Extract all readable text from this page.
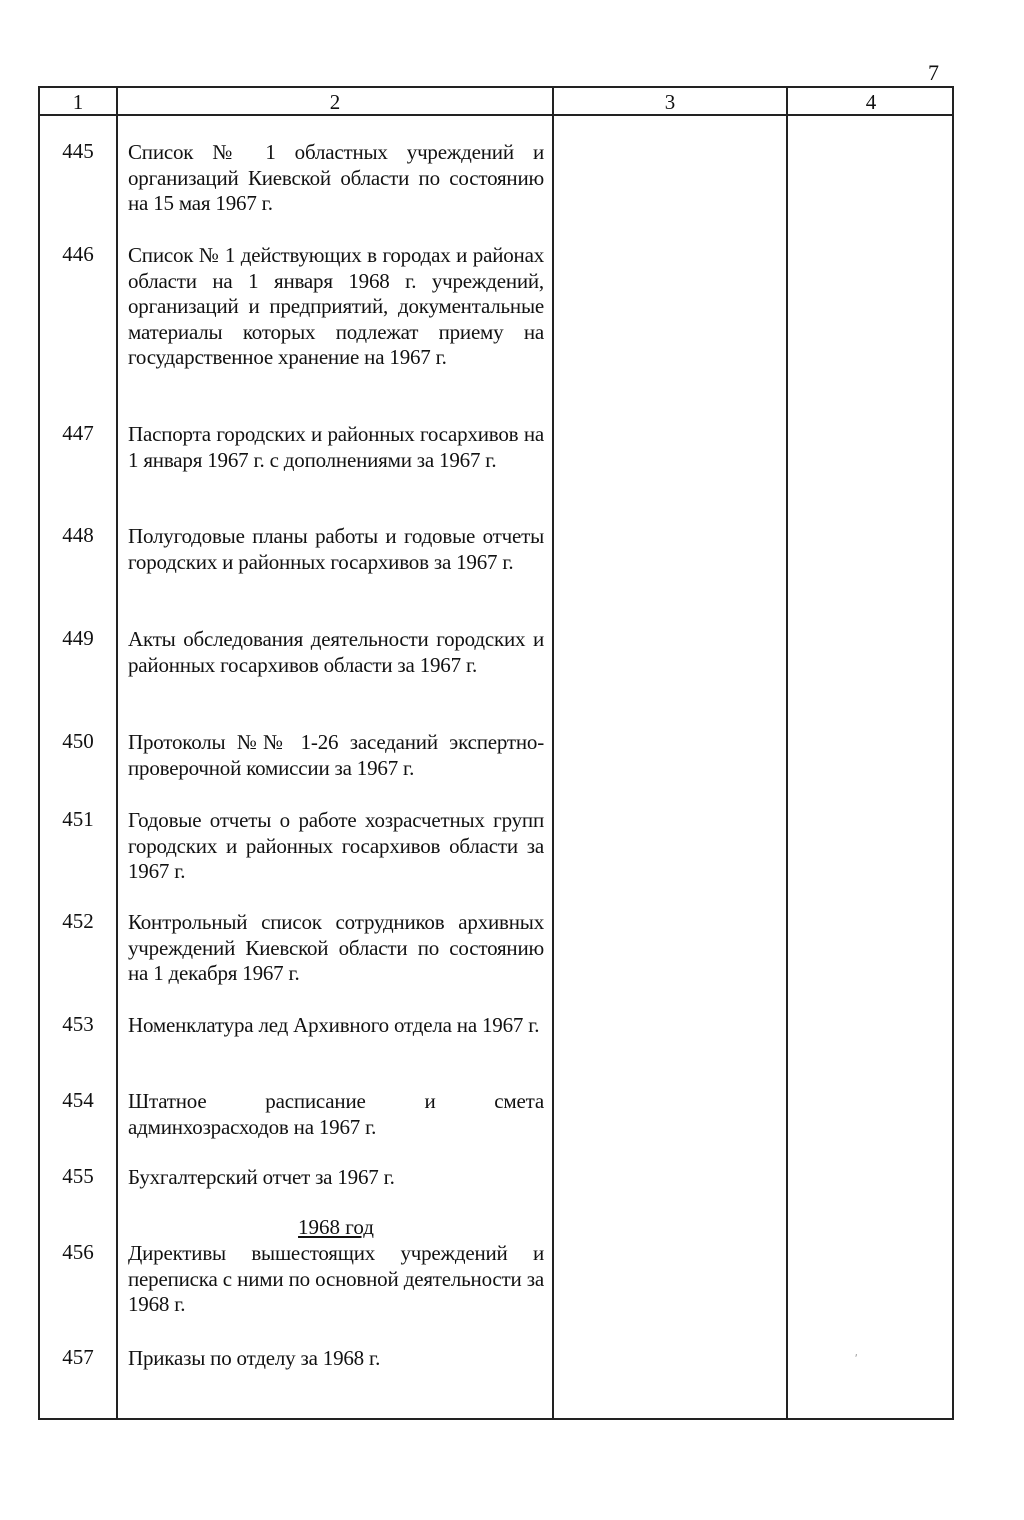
7
1	2	3	4
445	Список № 1 областных учреждений и организаций Киевской области по состоянию на 15 мая 1967 г.
446	Список № 1 действующих в городах и районах области на 1 января 1968 г. учреждений, организаций и предприятий, документальные материалы которых подлежат приему на государственное хранение на 1967 г.
447	Паспорта городских и районных госархивов на 1 января 1967 г. с дополнениями за 1967 г.
448	Полугодовые планы работы и годовые отчеты городских и районных госархивов за 1967 г.
449	Акты обследования деятельности городских и районных госархивов области за 1967 г.
450	Протоколы №№ 1-26 заседаний экспертно-проверочной комиссии за 1967 г.
451	Годовые отчеты о работе хозрасчетных групп городских и районных госархивов области за 1967 г.
452	Контрольный список сотрудников архивных учреждений Киевской области по состоянию на 1 декабря 1967 г.
453	Номенклатура лед Архивного отдела на 1967 г.
454	Штатное расписание и смета админхозрасходов на 1967 г.
455	Бухгалтерский отчет за 1967 г.
1968 год
456	Директивы вышестоящих учреждений и переписка с ними по основной деятельности за 1968 г.
457	Приказы по отделу за 1968 г.	ʹ
